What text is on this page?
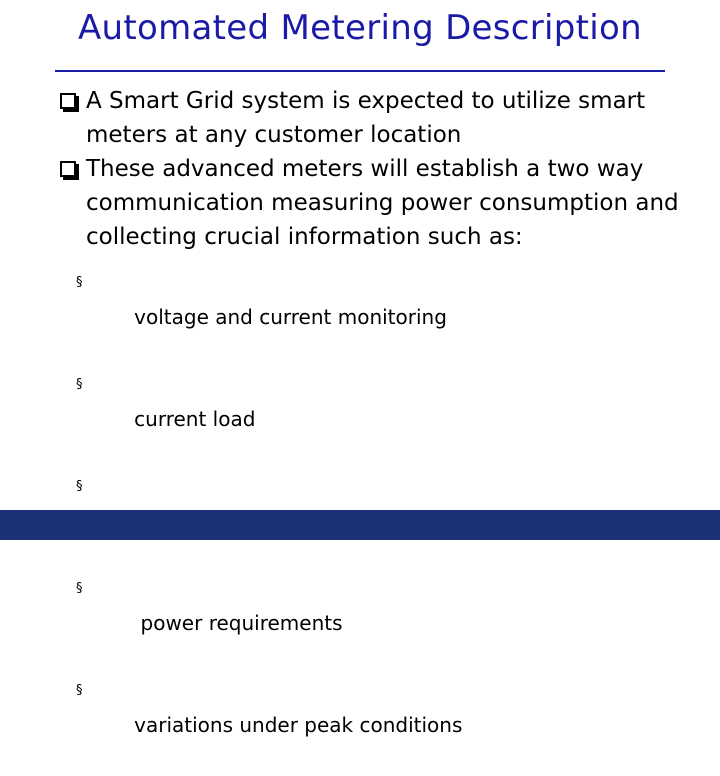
Automated Metering Description
A Smart Grid system is expected to utilize smart meters at any customer location
These advanced meters will establish a two way communication measuring power consumption and collecting crucial information such as:

§
voltage and current monitoring

§
current load

§

§
power requirements

§
variations under peak conditions
